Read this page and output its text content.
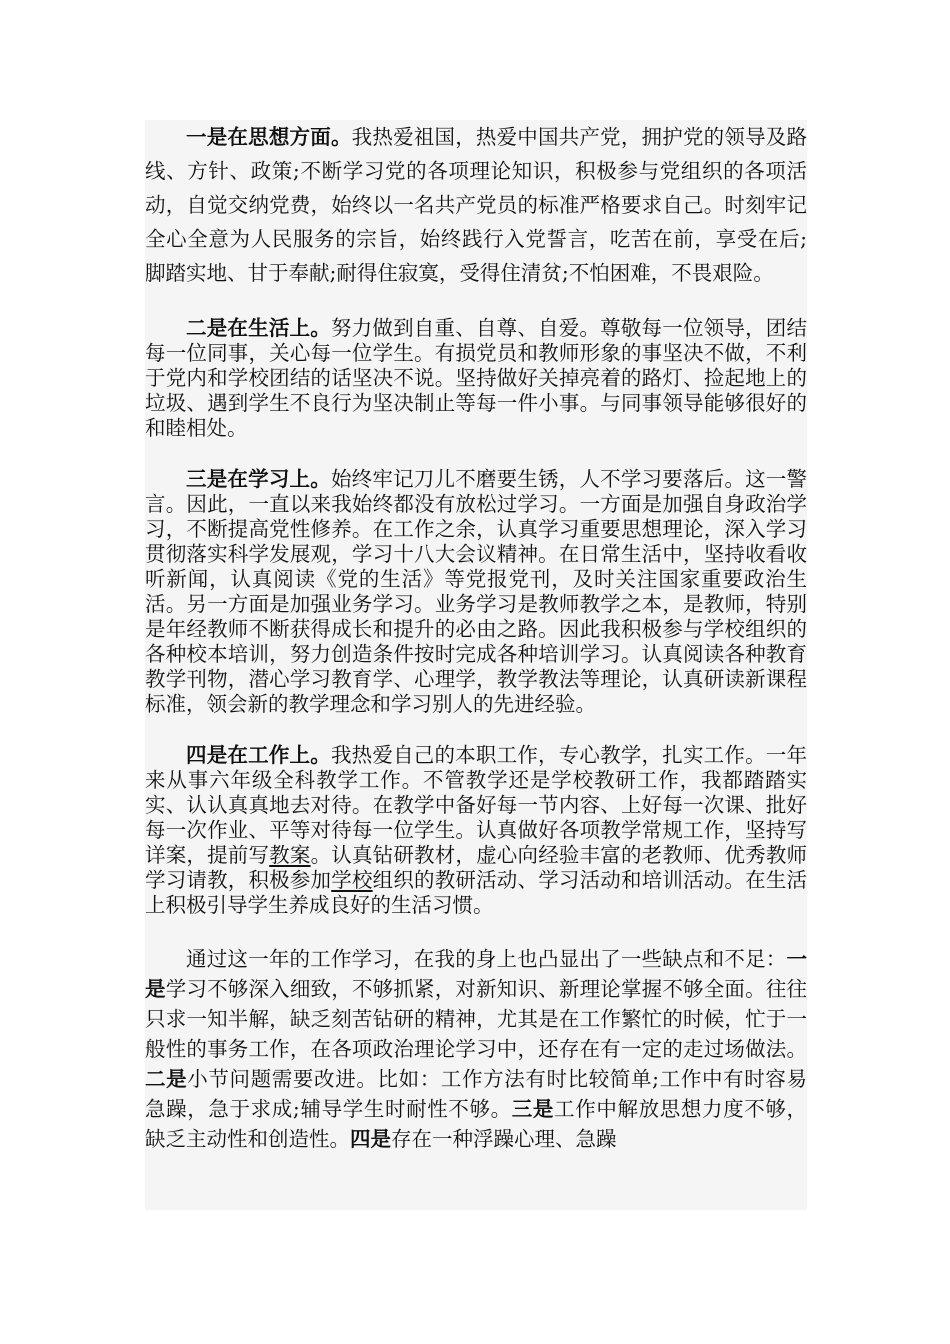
一是在思想方面。我热爱祖国，热爱中国共产党，拥护党的领导及路线、方针、政策;不断学习党的各项理论知识，积极参与党组织的各项活动，自觉交纳党费，始终以一名共产党员的标准严格要求自己。时刻牢记全心全意为人民服务的宗旨，始终践行入党誓言，吃苦在前，享受在后;脚踏实地、甘于奉献;耐得住寂寞，受得住清贫;不怕困难，不畏艰险。

二是在生活上。努力做到自重、自尊、自爱。尊敬每一位领导，团结每一位同事，关心每一位学生。有损党员和教师形象的事坚决不做，不利于党内和学校团结的话坚决不说。坚持做好关掉亮着的路灯、捡起地上的垃圾、遇到学生不良行为坚决制止等每一件小事。与同事领导能够很好的和睦相处。

三是在学习上。始终牢记刀儿不磨要生锈，人不学习要落后。这一警言。因此，一直以来我始终都没有放松过学习。一方面是加强自身政治学习，不断提高党性修养。在工作之余，认真学习重要思想理论，深入学习贯彻落实科学发展观，学习十八大会议精神。在日常生活中，坚持收看收听新闻，认真阅读《党的生活》等党报党刊，及时关注国家重要政治生活。另一方面是加强业务学习。业务学习是教师教学之本，是教师，特别是年经教师不断获得成长和提升的必由之路。因此我积极参与学校组织的各种校本培训，努力创造条件按时完成各种培训学习。认真阅读各种教育教学刊物，潜心学习教育学、心理学，教学教法等理论，认真研读新课程标准，领会新的教学理念和学习别人的先进经验。

四是在工作上。我热爱自己的本职工作，专心教学，扎实工作。一年来从事六年级全科教学工作。不管教学还是学校教研工作，我都踏踏实实、认认真真地去对待。在教学中备好每一节内容、上好每一次课、批好每一次作业、平等对待每一位学生。认真做好各项教学常规工作，坚持写详案，提前写教案。认真钻研教材，虚心向经验丰富的老教师、优秀教师学习请教，积极参加学校组织的教研活动、学习活动和培训活动。在生活上积极引导学生养成良好的生活习惯。

通过这一年的工作学习，在我的身上也凸显出了一些缺点和不足：一是学习不够深入细致，不够抓紧，对新知识、新理论掌握不够全面。往往只求一知半解，缺乏刻苦钻研的精神，尤其是在工作繁忙的时候，忙于一般性的事务工作，在各项政治理论学习中，还存在有一定的走过场做法。二是小节问题需要改进。比如：工作方法有时比较简单;工作中有时容易急躁，急于求成;辅导学生时耐性不够。三是工作中解放思想力度不够，缺乏主动性和创造性。四是存在一种浮躁心理、急躁
